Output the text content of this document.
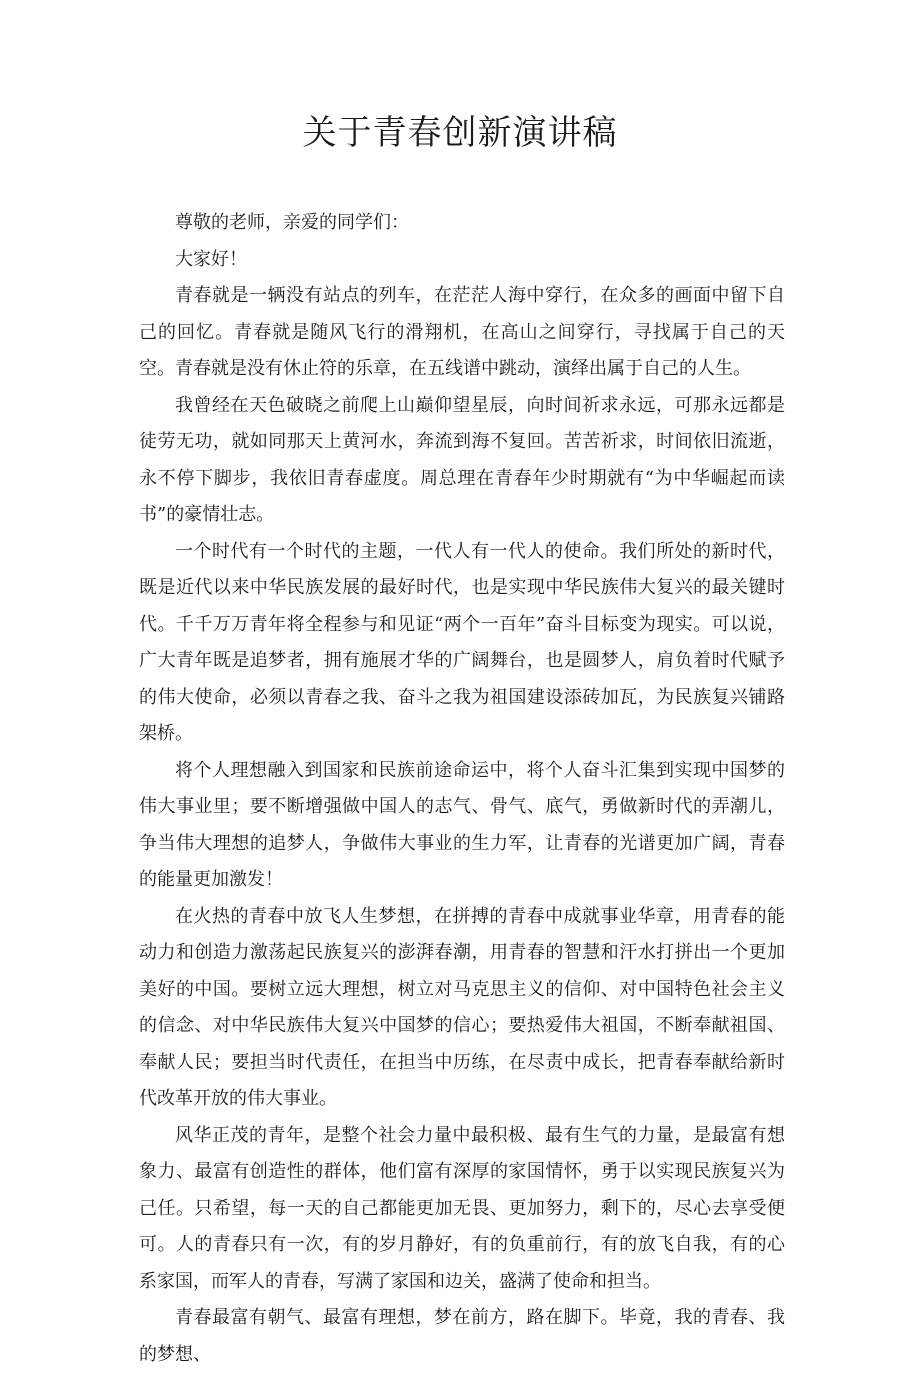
关于青春创新演讲稿

尊敬的老师，亲爱的同学们：

大家好！

青春就是一辆没有站点的列车，在茫茫人海中穿行，在众多的画面中留下自己的回忆。青春就是随风飞行的滑翔机，在高山之间穿行，寻找属于自己的天空。青春就是没有休止符的乐章，在五线谱中跳动，演绎出属于自己的人生。

我曾经在天色破晓之前爬上山巅仰望星辰，向时间祈求永远，可那永远都是徒劳无功，就如同那天上黄河水，奔流到海不复回。苦苦祈求，时间依旧流逝，永不停下脚步，我依旧青春虚度。周总理在青春年少时期就有“为中华崛起而读书”的豪情壮志。

一个时代有一个时代的主题，一代人有一代人的使命。我们所处的新时代，既是近代以来中华民族发展的最好时代，也是实现中华民族伟大复兴的最关键时代。千千万万青年将全程参与和见证“两个一百年”奋斗目标变为现实。可以说，广大青年既是追梦者，拥有施展才华的广阔舞台，也是圆梦人，肩负着时代赋予的伟大使命，必须以青春之我、奋斗之我为祖国建设添砖加瓦，为民族复兴铺路架桥。

将个人理想融入到国家和民族前途命运中，将个人奋斗汇集到实现中国梦的伟大事业里；要不断增强做中国人的志气、骨气、底气，勇做新时代的弄潮儿，争当伟大理想的追梦人，争做伟大事业的生力军，让青春的光谱更加广阔，青春的能量更加激发！

在火热的青春中放飞人生梦想，在拼搏的青春中成就事业华章，用青春的能动力和创造力激荡起民族复兴的澎湃春潮，用青春的智慧和汗水打拼出一个更加美好的中国。要树立远大理想，树立对马克思主义的信仰、对中国特色社会主义的信念、对中华民族伟大复兴中国梦的信心；要热爱伟大祖国，不断奉献祖国、奉献人民；要担当时代责任，在担当中历练，在尽责中成长，把青春奉献给新时代改革开放的伟大事业。

风华正茂的青年，是整个社会力量中最积极、最有生气的力量，是最富有想象力、最富有创造性的群体，他们富有深厚的家国情怀，勇于以实现民族复兴为己任。只希望，每一天的自己都能更加无畏、更加努力，剩下的，尽心去享受便可。人的青春只有一次，有的岁月静好，有的负重前行，有的放飞自我，有的心系家国，而军人的青春，写满了家国和边关，盛满了使命和担当。

青春最富有朝气、最富有理想，梦在前方，路在脚下。毕竟，我的青春、我的梦想、
